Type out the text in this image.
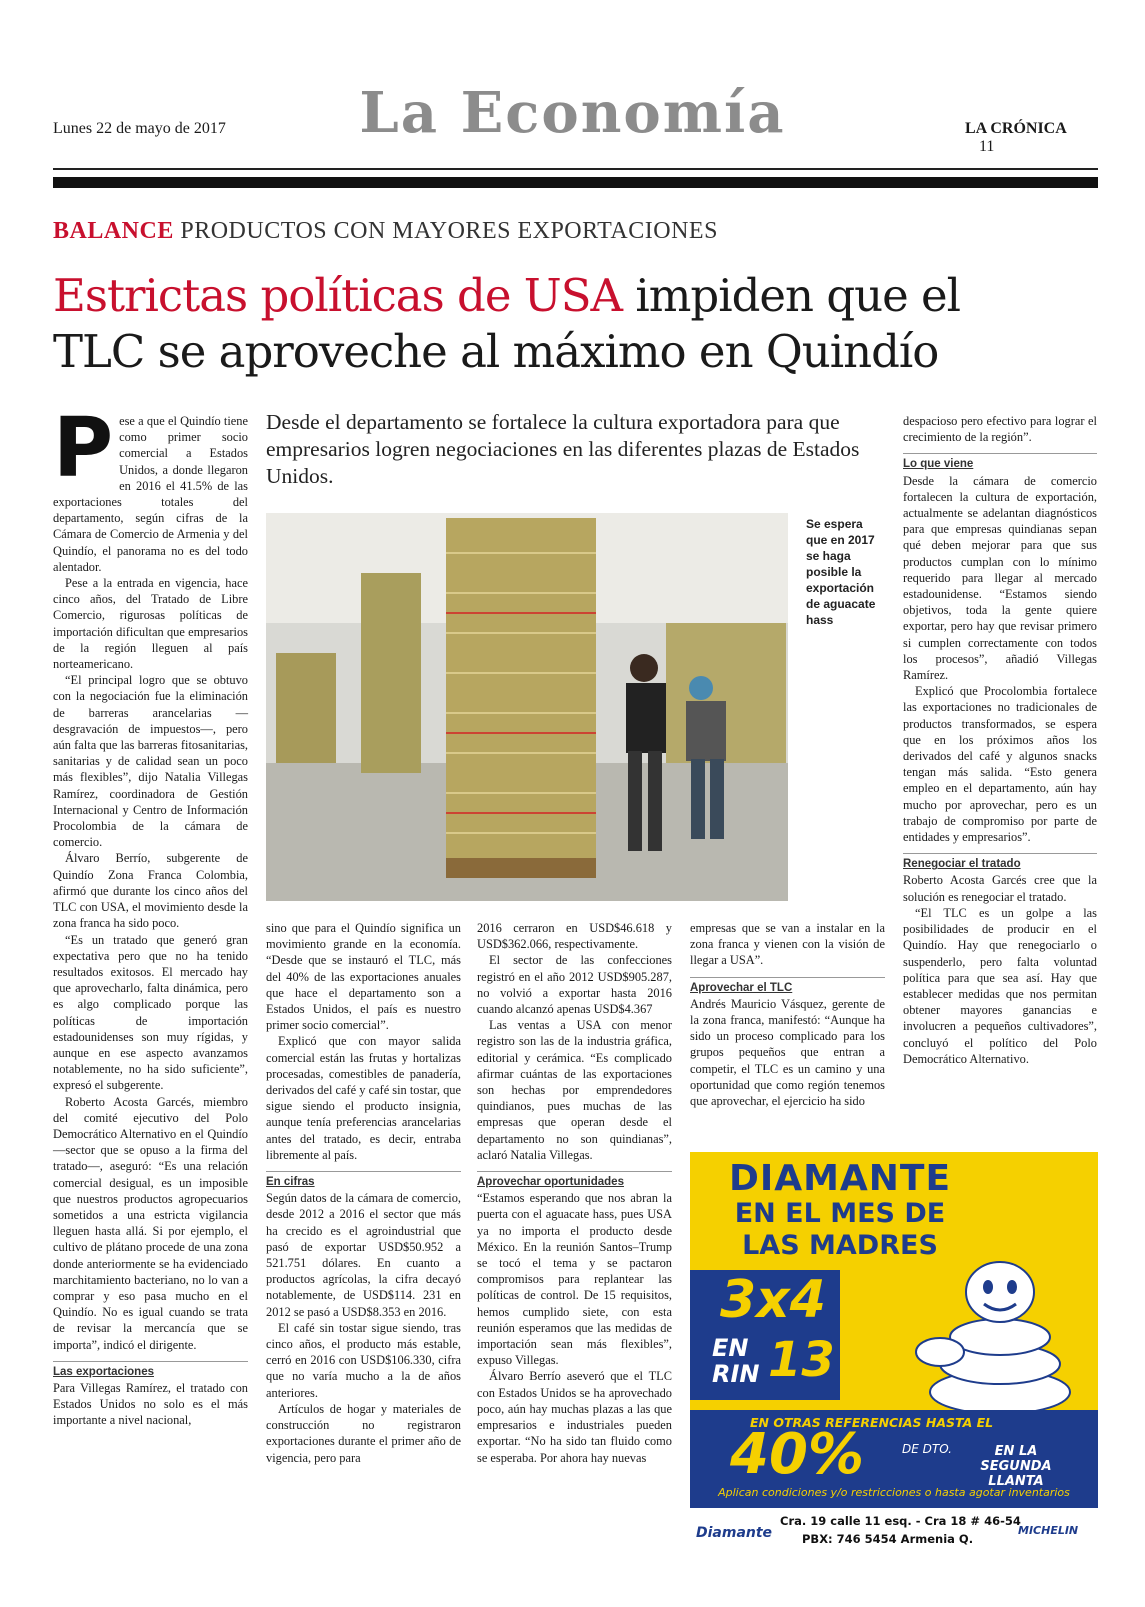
Lunes 22 de mayo de 2017	La Economía	LA CRÓNICA 11
BALANCE PRODUCTOS CON MAYORES EXPORTACIONES
Estrictas políticas de USA impiden que el
TLC se aproveche al máximo en Quindío
Desde el departamento se fortalece la cultura exportadora para que empresarios logren negociaciones en las diferentes plazas de Estados Unidos.
Se espera que en 2017 se haga posible la exportación de aguacate hass

Pese a que el Quindío tiene como primer socio comercial a Estados Unidos, a donde llegaron en 2016 el 41.5% de las exportaciones totales del departamento, según cifras de la Cámara de Comercio de Armenia y del Quindío, el panorama no es del todo alentador.

Pese a la entrada en vigencia, hace cinco años, del Tratado de Libre Comercio, rigurosas políticas de importación dificultan que empresarios de la región lleguen al país norteamericano.

“El principal logro que se obtuvo con la negociación fue la eliminación de barreras arancelarias —desgravación de impuestos—, pero aún falta que las barreras fitosanitarias, sanitarias y de calidad sean un poco más flexibles”, dijo Natalia Villegas Ramírez, coordinadora de Gestión Internacional y Centro de Información Procolombia de la cámara de comercio.

Álvaro Berrío, subgerente de Quindío Zona Franca Colombia, afirmó que durante los cinco años del TLC con USA, el movimiento desde la zona franca ha sido poco.

“Es un tratado que generó gran expectativa pero que no ha tenido resultados exitosos. El mercado hay que aprovecharlo, falta dinámica, pero es algo complicado porque las políticas de importación estadounidenses son muy rígidas, y aunque en ese aspecto avanzamos notablemente, no ha sido suficiente”, expresó el subgerente.

Roberto Acosta Garcés, miembro del comité ejecutivo del Polo Democrático Alternativo en el Quindío —sector que se opuso a la firma del tratado—, aseguró: “Es una relación comercial desigual, es un imposible que nuestros productos agropecuarios sometidos a una estricta vigilancia lleguen hasta allá. Si por ejemplo, el cultivo de plátano procede de una zona donde anteriormente se ha evidenciado marchitamiento bacteriano, no lo van a comprar y eso pasa mucho en el Quindío. No es igual cuando se trata de revisar la mercancía que se importa”, indicó el dirigente.

Las exportaciones

Para Villegas Ramírez, el tratado con Estados Unidos no solo es el más importante a nivel nacional,

sino que para el Quindío significa un movimiento grande en la economía. “Desde que se instauró el TLC, más del 40% de las exportaciones anuales que hace el departamento son a Estados Unidos, el país es nuestro primer socio comercial”.

Explicó que con mayor salida comercial están las frutas y hortalizas procesadas, comestibles de panadería, derivados del café y café sin tostar, que sigue siendo el producto insignia, aunque tenía preferencias arancelarias antes del tratado, es decir, entraba libremente al país.

En cifras

Según datos de la cámara de comercio, desde 2012 a 2016 el sector que más ha crecido es el agroindustrial que pasó de exportar USD$50.952 a 521.751 dólares. En cuanto a productos agrícolas, la cifra decayó notablemente, de USD$114. 231 en 2012 se pasó a USD$8.353 en 2016.

El café sin tostar sigue siendo, tras cinco años, el producto más estable, cerró en 2016 con USD$106.330, cifra que no varía mucho a la de años anteriores.

Artículos de hogar y materiales de construcción no registraron exportaciones durante el primer año de vigencia, pero para

2016 cerraron en USD$46.618 y USD$362.066, respectivamente.

El sector de las confecciones registró en el año 2012 USD$905.287, no volvió a exportar hasta 2016 cuando alcanzó apenas USD$4.367

Las ventas a USA con menor registro son las de la industria gráfica, editorial y cerámica. “Es complicado afirmar cuántas de las exportaciones son hechas por emprendedores quindianos, pues muchas de las empresas que operan desde el departamento no son quindianas”, aclaró Natalia Villegas.

Aprovechar oportunidades

“Estamos esperando que nos abran la puerta con el aguacate hass, pues USA ya no importa el producto desde México. En la reunión Santos–Trump se tocó el tema y se pactaron compromisos para replantear las políticas de control. De 15 requisitos, hemos cumplido siete, con esta reunión esperamos que las medidas de importación sean más flexibles”, expuso Villegas.

Álvaro Berrío aseveró que el TLC con Estados Unidos se ha aprovechado poco, aún hay muchas plazas a las que empresarios e industriales pueden exportar. “No ha sido tan fluido como se esperaba. Por ahora hay nuevas

empresas que se van a instalar en la zona franca y vienen con la visión de llegar a USA”.

Aprovechar el TLC

Andrés Mauricio Vásquez, gerente de la zona franca, manifestó: “Aunque ha sido un proceso complicado para los grupos pequeños que entran a competir, el TLC es un camino y una oportunidad que como región tenemos que aprovechar, el ejercicio ha sido

despacioso pero efectivo para lograr el crecimiento de la región”.

Lo que viene

Desde la cámara de comercio fortalecen la cultura de exportación, actualmente se adelantan diagnósticos para que empresas quindianas sepan qué deben mejorar para que sus productos cumplan con lo mínimo requerido para llegar al mercado estadounidense. “Estamos siendo objetivos, toda la gente quiere exportar, pero hay que revisar primero si cumplen correctamente con todos los procesos”, añadió Villegas Ramírez.

Explicó que Procolombia fortalece las exportaciones no tradicionales de productos transformados, se espera que en los próximos años los derivados del café y algunos snacks tengan más salida. “Esto genera empleo en el departamento, aún hay mucho por aprovechar, pero es un trabajo de compromiso por parte de entidades y empresarios”.

Renegociar el tratado

Roberto Acosta Garcés cree que la solución es renegociar el tratado.

“El TLC es un golpe a las posibilidades de producir en el Quindío. Hay que renegociarlo o suspenderlo, pero falta voluntad política para que sea así. Hay que establecer medidas que nos permitan obtener mayores ganancias e involucren a pequeños cultivadores”, concluyó el político del Polo Democrático Alternativo.

DIAMANTE
EN EL MES DE
LAS MADRES
3x4
EN
RIN 13
EN OTRAS REFERENCIAS HASTA EL
40%	DE DTO.	EN LA SEGUNDA LLANTA
Aplican condiciones y/o restricciones o hasta agotar inventarios
Diamante
Cra. 19 calle 11 esq. - Cra 18 # 46-54
PBX: 746 5454 Armenia Q.
MICHELIN
